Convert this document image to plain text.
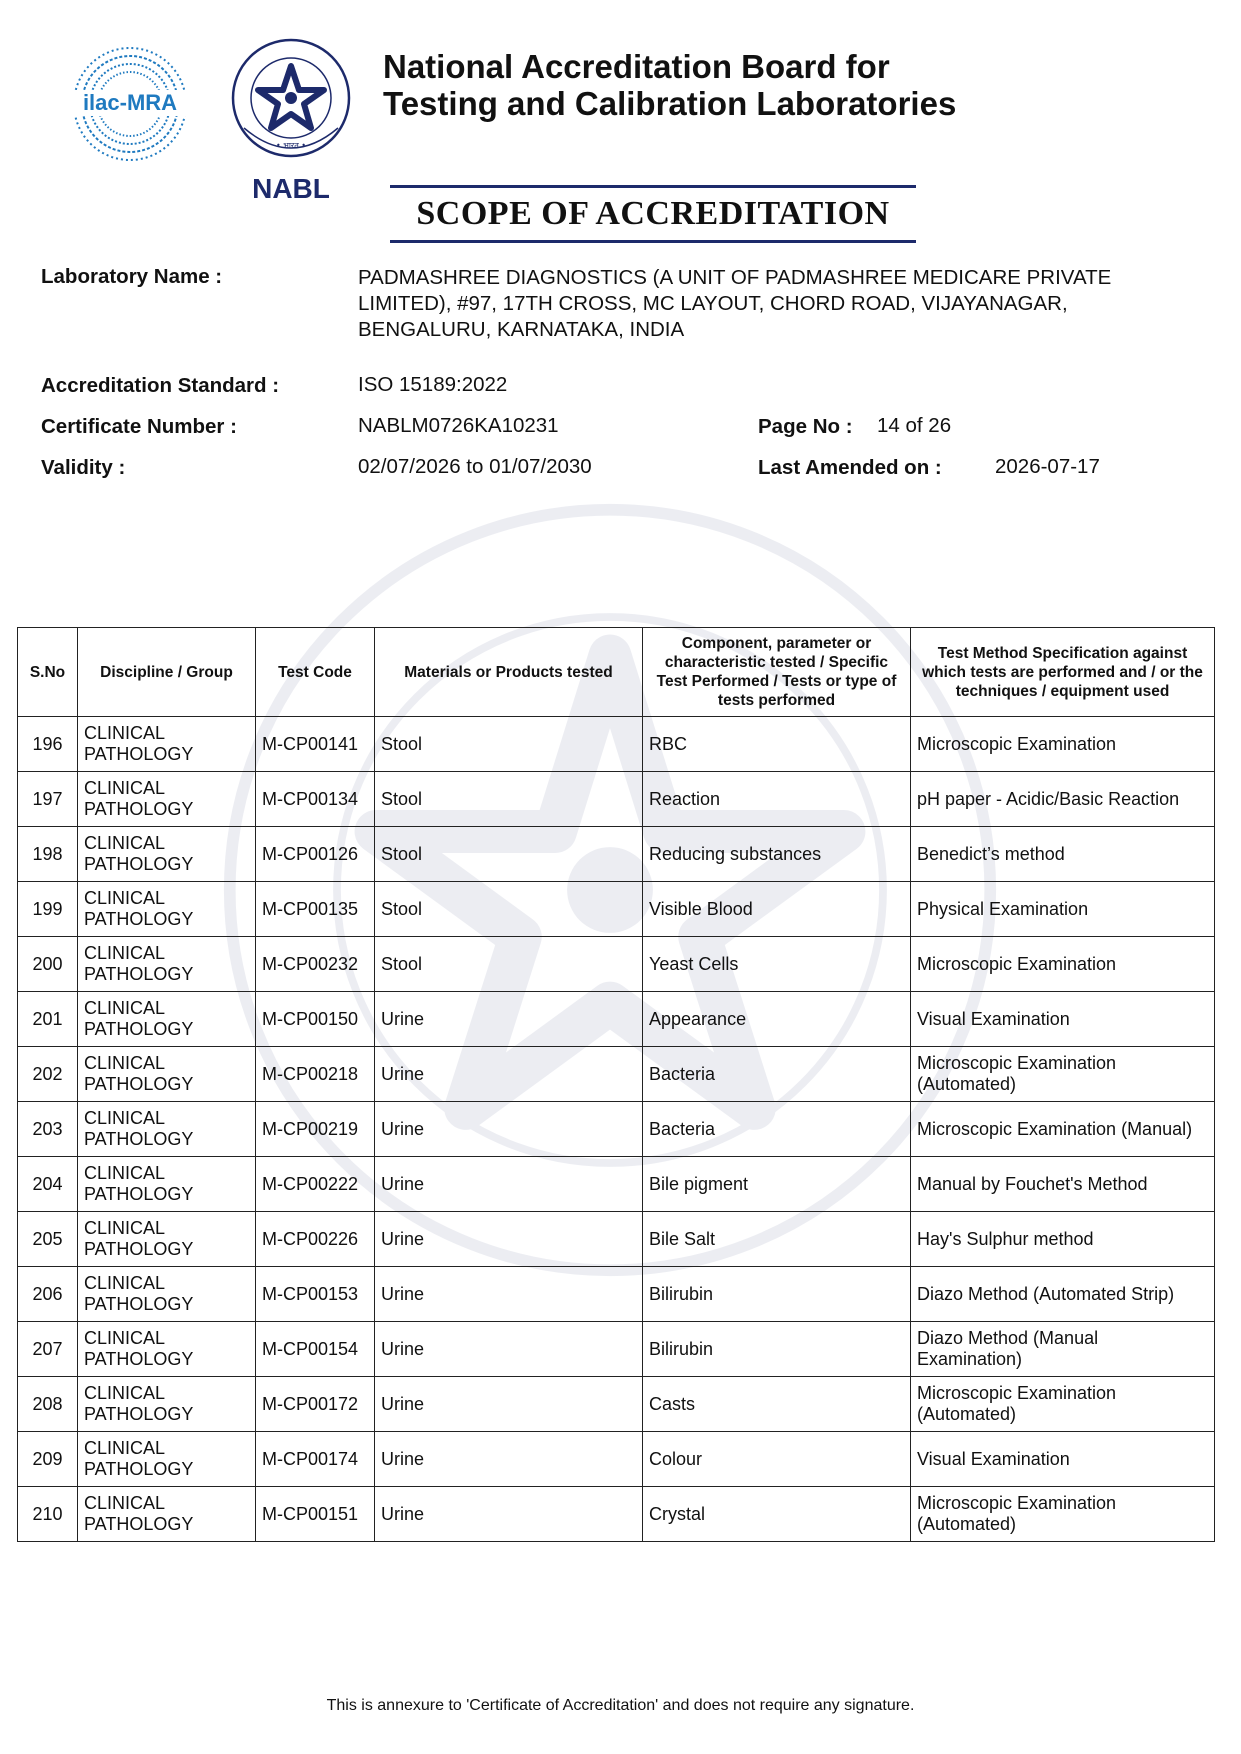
ilac-MRA
• भारत •
NABL
National Accreditation Board for
Testing and Calibration Laboratories
SCOPE OF ACCREDITATION
Laboratory Name :	PADMASHREE DIAGNOSTICS (A UNIT OF PADMASHREE MEDICARE PRIVATE
LIMITED), #97, 17TH CROSS, MC LAYOUT, CHORD ROAD, VIJAYANAGAR,
BENGALURU, KARNATAKA, INDIA
Accreditation Standard :	ISO 15189:2022
Certificate Number :	NABLM0726KA10231	Page No : 14 of 26
Validity :	02/07/2026 to 01/07/2030	Last Amended on :	2026-07-17
S.No	Discipline / Group	Test Code	Materials or Products tested	Component, parameter or characteristic tested / Specific Test Performed / Tests or type of tests performed	Test Method Specification against which tests are performed and / or the techniques / equipment used
196	CLINICAL
PATHOLOGY	M-CP00141	Stool	RBC	Microscopic Examination
197	CLINICAL
PATHOLOGY	M-CP00134	Stool	Reaction	pH paper - Acidic/Basic Reaction
198	CLINICAL
PATHOLOGY	M-CP00126	Stool	Reducing substances	Benedict’s method
199	CLINICAL
PATHOLOGY	M-CP00135	Stool	Visible Blood	Physical Examination
200	CLINICAL
PATHOLOGY	M-CP00232	Stool	Yeast Cells	Microscopic Examination
201	CLINICAL
PATHOLOGY	M-CP00150	Urine	Appearance	Visual Examination
202	CLINICAL
PATHOLOGY	M-CP00218	Urine	Bacteria	Microscopic Examination (Automated)
203	CLINICAL
PATHOLOGY	M-CP00219	Urine	Bacteria	Microscopic Examination (Manual)
204	CLINICAL
PATHOLOGY	M-CP00222	Urine	Bile pigment	Manual by Fouchet's Method
205	CLINICAL
PATHOLOGY	M-CP00226	Urine	Bile Salt	Hay's Sulphur method
206	CLINICAL
PATHOLOGY	M-CP00153	Urine	Bilirubin	Diazo Method (Automated Strip)
207	CLINICAL
PATHOLOGY	M-CP00154	Urine	Bilirubin	Diazo Method (Manual Examination)
208	CLINICAL
PATHOLOGY	M-CP00172	Urine	Casts	Microscopic Examination (Automated)
209	CLINICAL
PATHOLOGY	M-CP00174	Urine	Colour	Visual Examination
210	CLINICAL
PATHOLOGY	M-CP00151	Urine	Crystal	Microscopic Examination (Automated)
This is annexure to 'Certificate of Accreditation' and does not require any signature.
